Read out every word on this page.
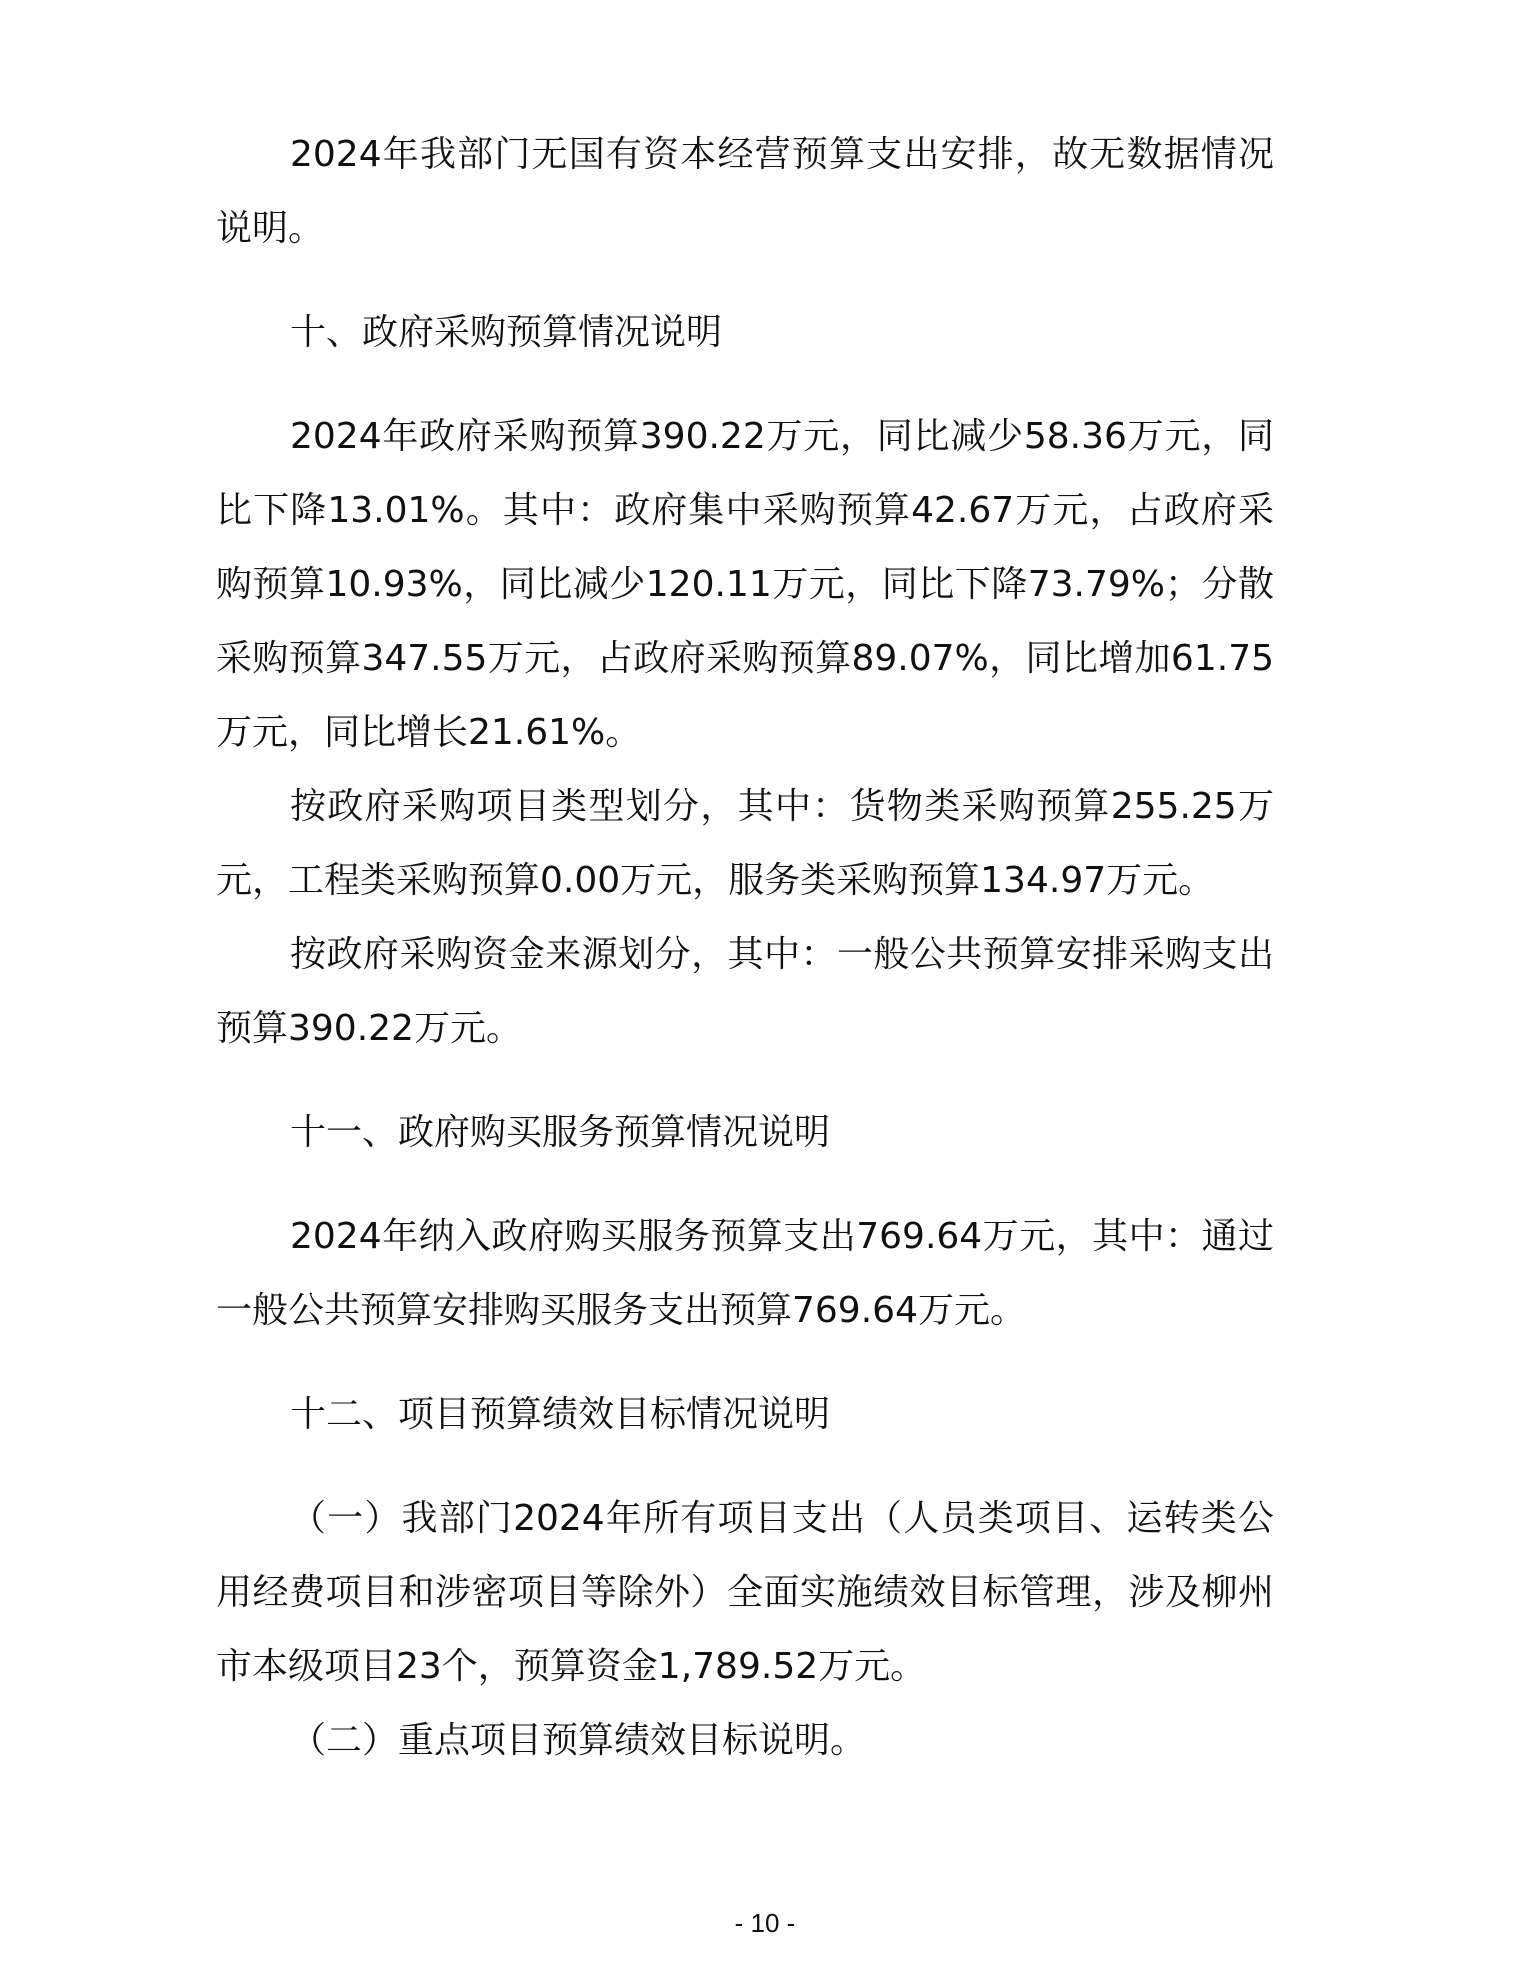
2024年我部门无国有资本经营预算支出安排，故无数据情况说明。

十、政府采购预算情况说明

2024年政府采购预算390.22万元，同比减少58.36万元，同比下降13.01%。其中：政府集中采购预算42.67万元，占政府采购预算10.93%，同比减少120.11万元，同比下降73.79%；分散采购预算347.55万元，占政府采购预算89.07%，同比增加61.75万元，同比增长21.61%。

按政府采购项目类型划分，其中：货物类采购预算255.25万元，工程类采购预算0.00万元，服务类采购预算134.97万元。

按政府采购资金来源划分，其中：一般公共预算安排采购支出预算390.22万元。

十一、政府购买服务预算情况说明

2024年纳入政府购买服务预算支出769.64万元，其中：通过一般公共预算安排购买服务支出预算769.64万元。

十二、项目预算绩效目标情况说明

（一）我部门2024年所有项目支出（人员类项目、运转类公用经费项目和涉密项目等除外）全面实施绩效目标管理，涉及柳州市本级项目23个，预算资金1,789.52万元。

（二）重点项目预算绩效目标说明。

- 10 -
